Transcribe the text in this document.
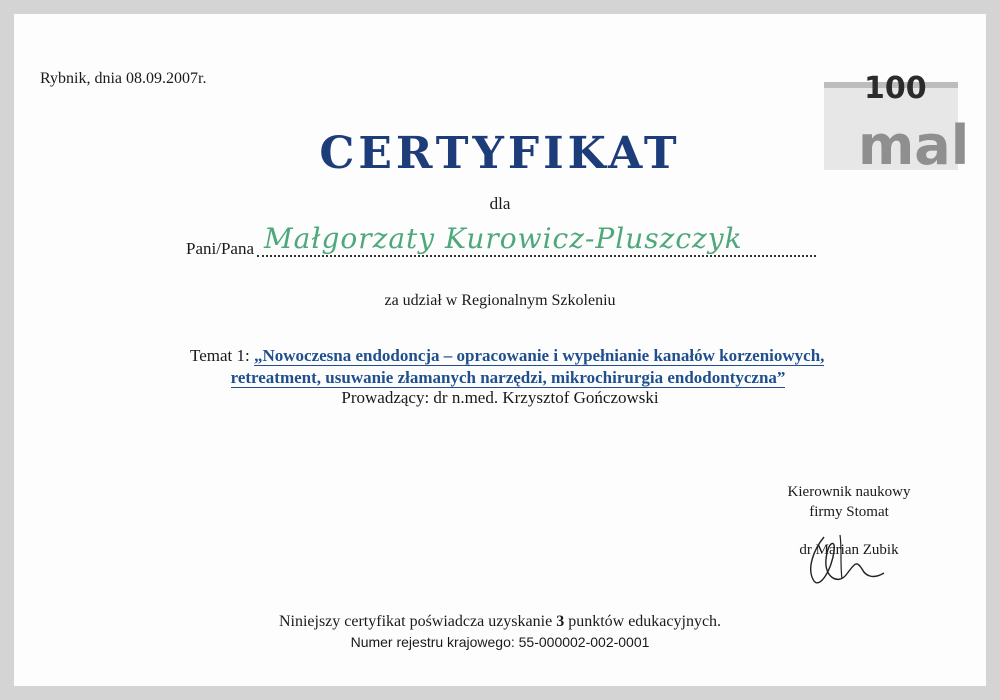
Rybnik, dnia 08.09.2007r.	100
mal
CERTYFIKAT
dla
Pani/Pana Małgorzaty Kurowicz-Pluszczyk
za udział w Regionalnym Szkoleniu
Temat 1: „Nowoczesna endodoncja – opracowanie i wypełnianie kanałów korzeniowych,
retreatment, usuwanie złamanych narzędzi, mikrochirurgia endodontyczna”
Prowadzący: dr n.med. Krzysztof Gończowski
Kierownik naukowy
firmy Stomat
dr Marian Zubik
Niniejszy certyfikat poświadcza uzyskanie 3 punktów edukacyjnych.
Numer rejestru krajowego: 55-000002-002-0001
